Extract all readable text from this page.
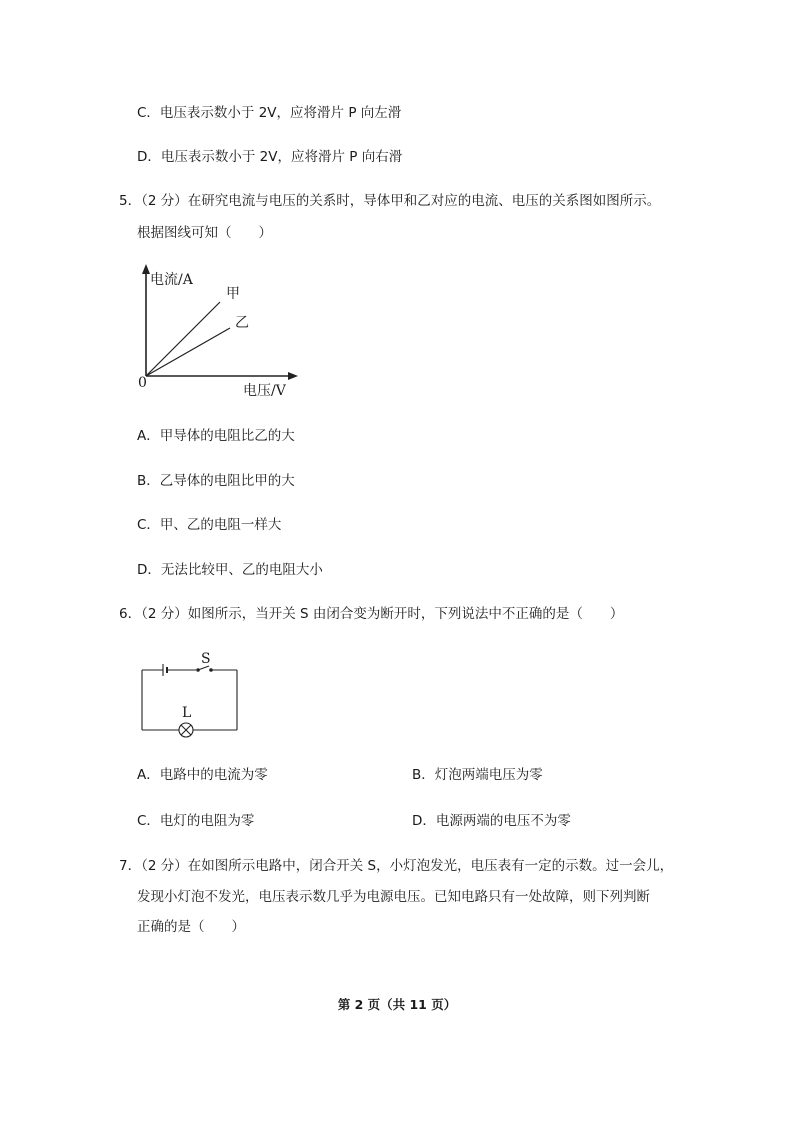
C．电压表示数小于 2V，应将滑片 P 向左滑
D．电压表示数小于 2V，应将滑片 P 向右滑
5．（2 分）在研究电流与电压的关系时，导体甲和乙对应的电流、电压的关系图如图所示。
根据图线可知（　　）
电流/A
甲
乙
0	电压/V
A．甲导体的电阻比乙的大
B．乙导体的电阻比甲的大
C．甲、乙的电阻一样大
D．无法比较甲、乙的电阻大小
6．（2 分）如图所示，当开关 S 由闭合变为断开时，下列说法中不正确的是（　　）
S
L
A．电路中的电流为零	B．灯泡两端电压为零
C．电灯的电阻为零	D．电源两端的电压不为零
7．（2 分）在如图所示电路中，闭合开关 S，小灯泡发光，电压表有一定的示数。过一会儿，
发现小灯泡不发光，电压表示数几乎为电源电压。已知电路只有一处故障，则下列判断
正确的是（　　）
第 2 页（共 11 页）
